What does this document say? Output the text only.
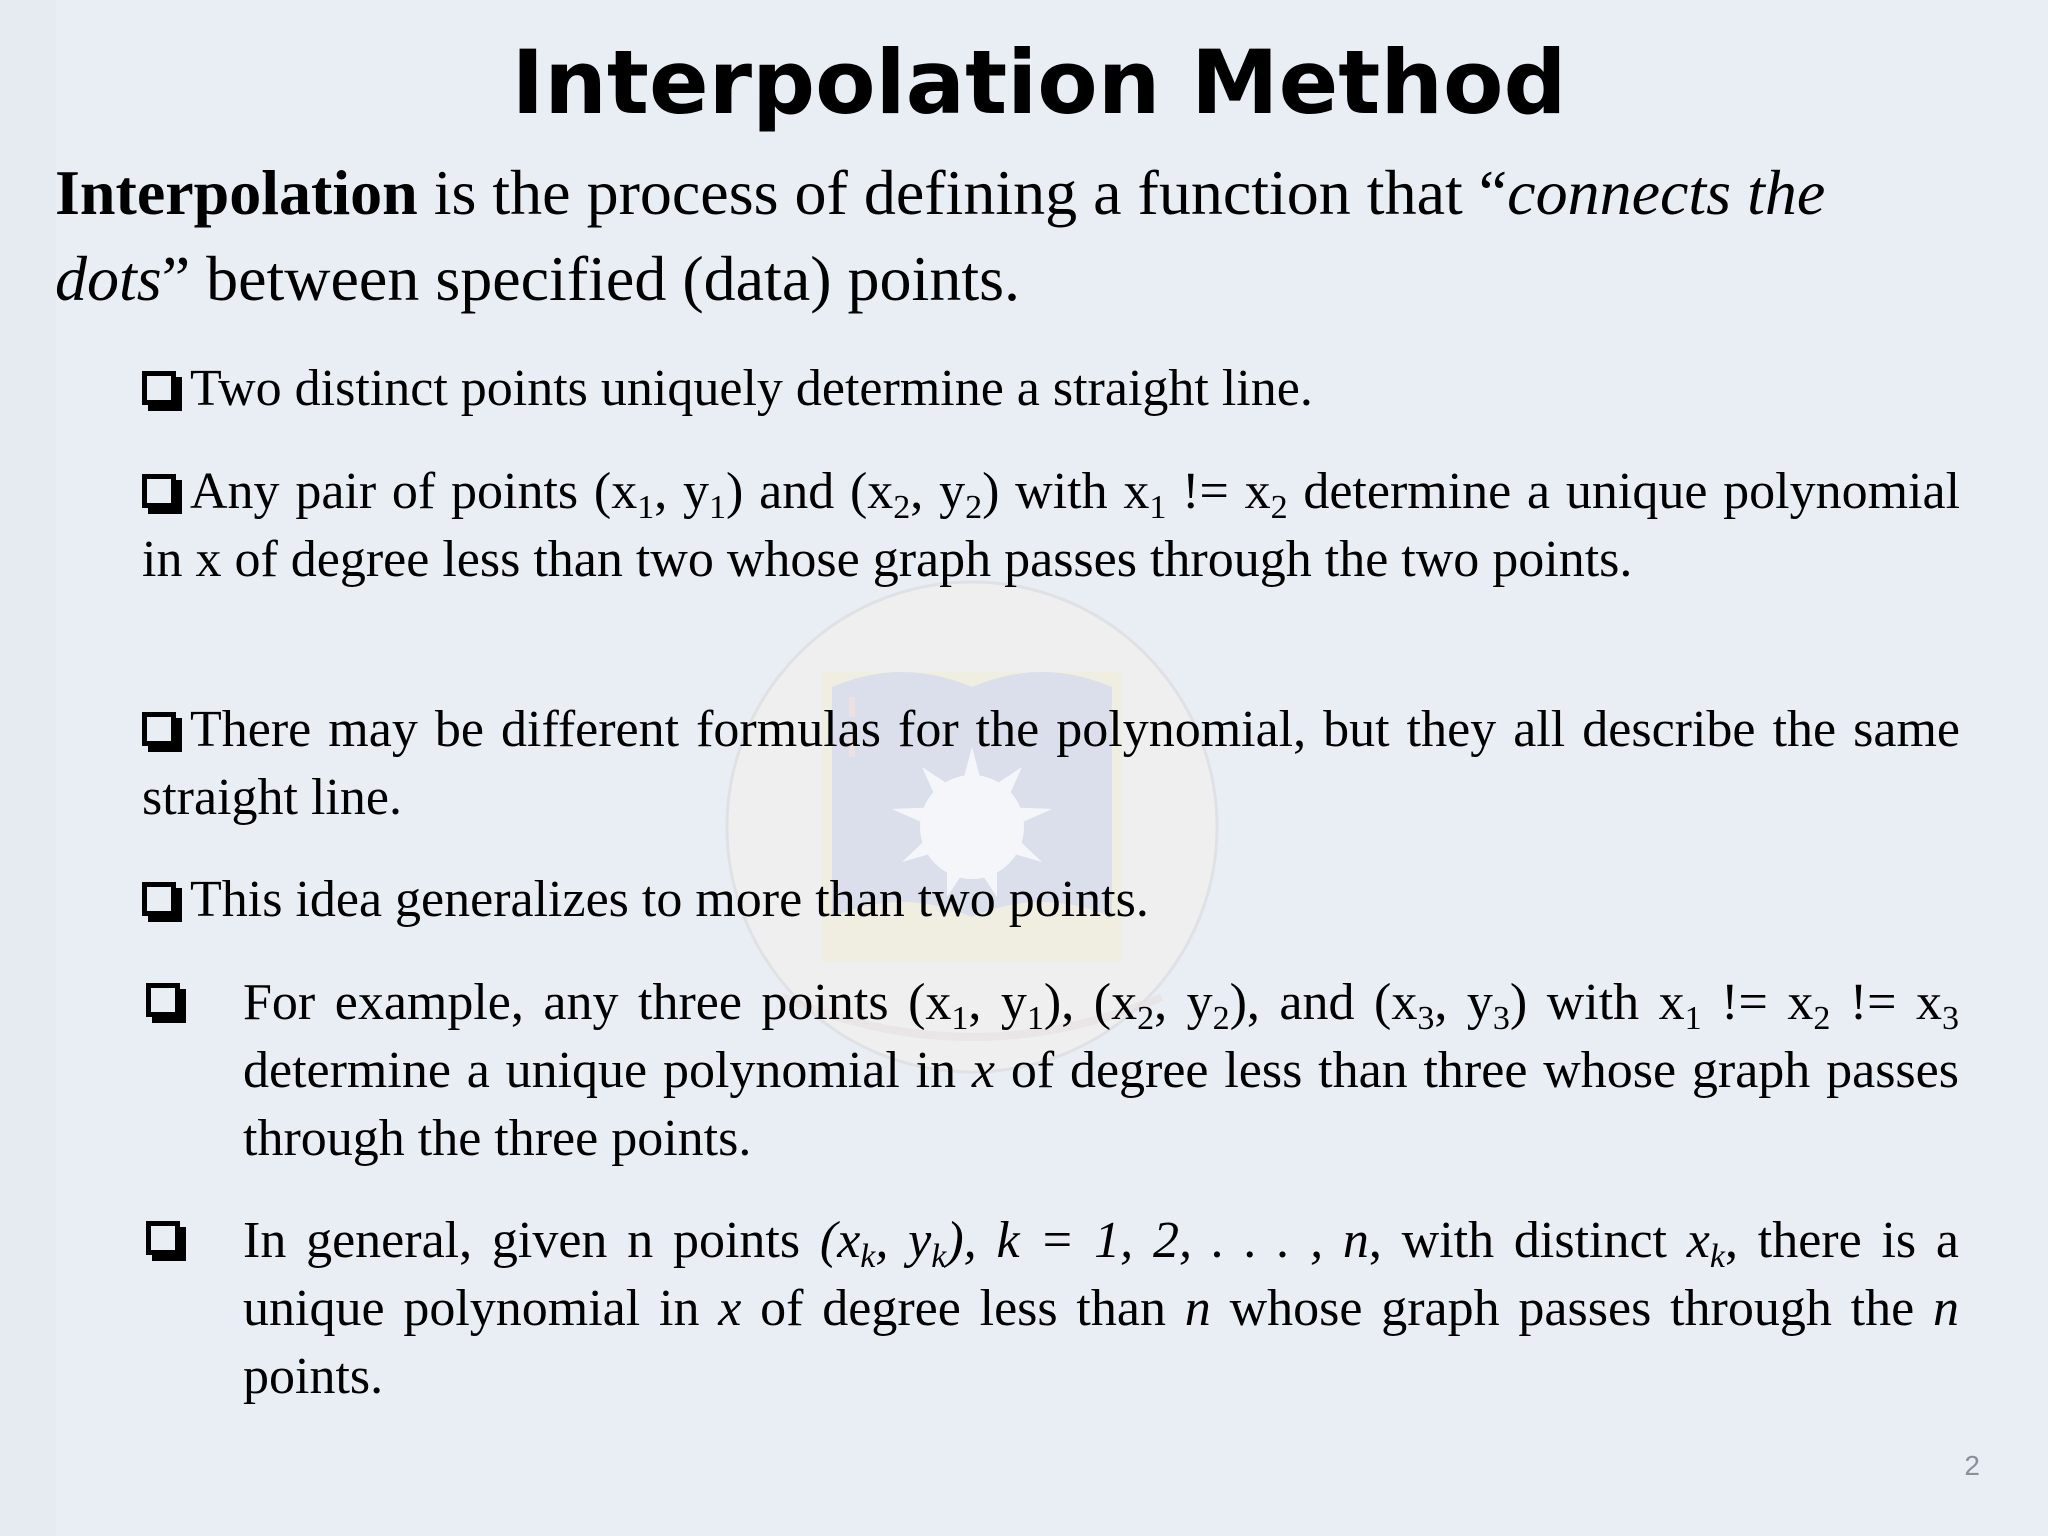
Interpolation Method
Interpolation is the process of defining a function that “connects the
dots” between specified (data) points.
Two distinct points uniquely determine a straight line.
Any pair of points ($x_1$, $y_1$) and ($x_2$, $y_2$) with $x_1$ != $x_2$ determine a unique polynomial in x of degree less than two whose graph passes through the two points.
There may be different formulas for the polynomial, but they all describe the same straight line.
This idea generalizes to more than two points.
For example, any three points ($x_1$, $y_1$), ($x_2$, $y_2$), and ($x_3$, $y_3$) with $x_1$ != $x_2$ != $x_3$ determine a unique polynomial in x of degree less than three whose graph passes through the three points.
In general, given n points ($x_k$, $y_k$), k = 1, 2, . . . , n, with distinct $x_k$, there is a unique polynomial in x of degree less than n whose graph passes through the n points.
2
